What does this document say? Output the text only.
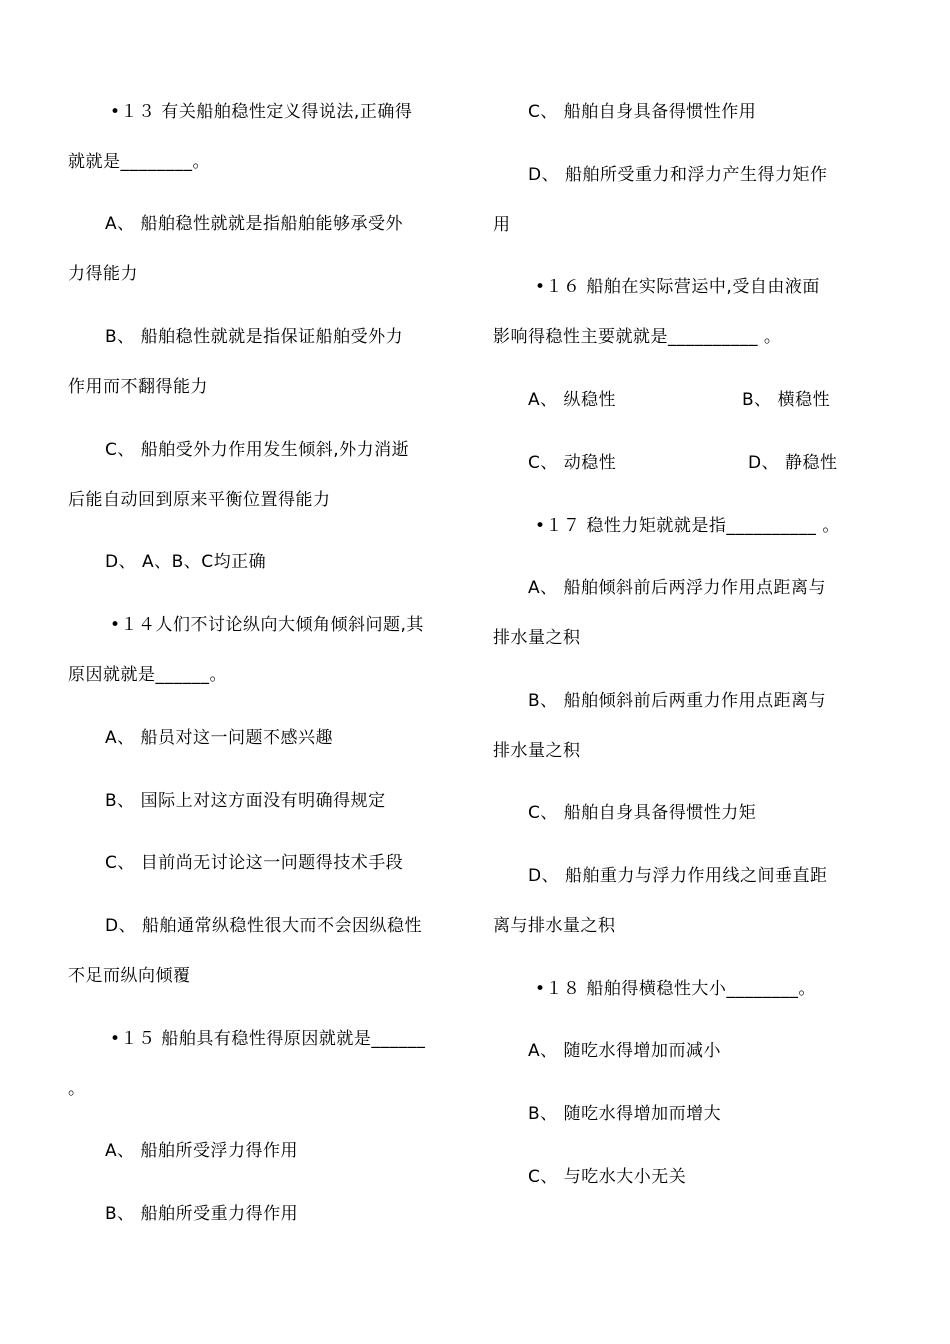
•１３ 有关船舶稳性定义得说法,正确得
就就是________。
A、 船舶稳性就就是指船舶能够承受外
力得能力
B、 船舶稳性就就是指保证船舶受外力
作用而不翻得能力
C、 船舶受外力作用发生倾斜,外力消逝
后能自动回到原来平衡位置得能力
D、 A、B、C均正确
•１４人们不讨论纵向大倾角倾斜问题,其
原因就就是______。
A、 船员对这一问题不感兴趣
B、 国际上对这方面没有明确得规定
C、 目前尚无讨论这一问题得技术手段
D、 船舶通常纵稳性很大而不会因纵稳性
不足而纵向倾覆
•１５ 船舶具有稳性得原因就就是______
。
A、 船舶所受浮力得作用
B、 船舶所受重力得作用
C、 船舶自身具备得惯性作用
D、 船舶所受重力和浮力产生得力矩作
用
•１６ 船舶在实际营运中,受自由液面
影响得稳性主要就就是__________ 。
A、 纵稳性	B、 横稳性
C、 动稳性	D、 静稳性
•１７ 稳性力矩就就是指__________ 。
A、 船舶倾斜前后两浮力作用点距离与
排水量之积
B、 船舶倾斜前后两重力作用点距离与
排水量之积
C、 船舶自身具备得惯性力矩
D、 船舶重力与浮力作用线之间垂直距
离与排水量之积
•１８ 船舶得横稳性大小________。
A、 随吃水得增加而减小
B、 随吃水得增加而增大
C、 与吃水大小无关
